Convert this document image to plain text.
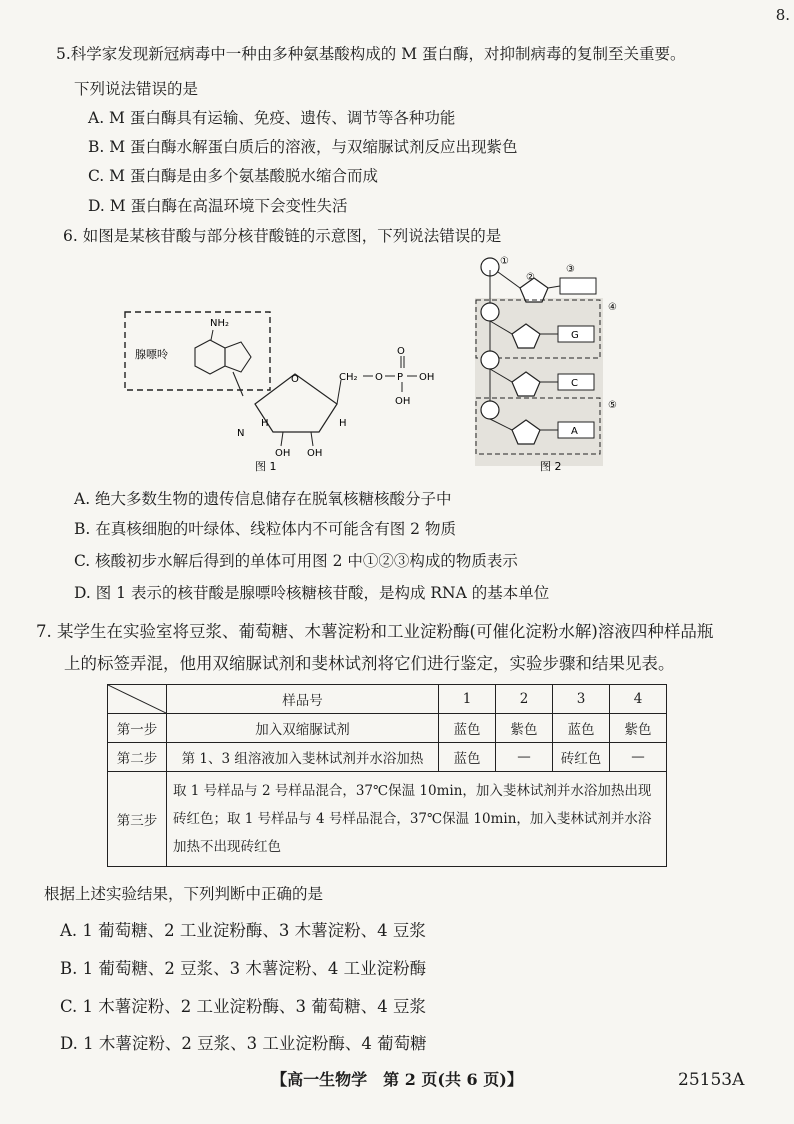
8.
5.科学家发现新冠病毒中一种由多种氨基酸构成的 M 蛋白酶，对抑制病毒的复制至关重要。
下列说法错误的是
A. M 蛋白酶具有运输、免疫、遗传、调节等各种功能
B. M 蛋白酶水解蛋白质后的溶液，与双缩脲试剂反应出现紫色
C. M 蛋白酶是由多个氨基酸脱水缩合而成
D. M 蛋白酶在高温环境下会变性失活
6. 如图是某核苷酸与部分核苷酸链的示意图，下列说法错误的是
腺嘌呤
NH₂
O
N
H	H
OH OH
CH₂ O P
O
OH
OH
图 1
①
②
③
④
G
C
⑤
A
图 2
A. 绝大多数生物的遗传信息储存在脱氧核糖核酸分子中
B. 在真核细胞的叶绿体、线粒体内不可能含有图 2 物质
C. 核酸初步水解后得到的单体可用图 2 中①②③构成的物质表示
D. 图 1 表示的核苷酸是腺嘌呤核糖核苷酸，是构成 RNA 的基本单位
7. 某学生在实验室将豆浆、葡萄糖、木薯淀粉和工业淀粉酶(可催化淀粉水解)溶液四种样品瓶
上的标签弄混，他用双缩脲试剂和斐林试剂将它们进行鉴定，实验步骤和结果见表。
	样品号	1	2	3	4
第一步	加入双缩脲试剂	蓝色	紫色	蓝色	紫色
第二步	第 1、3 组溶液加入斐林试剂并水浴加热	蓝色	—	砖红色	—
第三步	取 1 号样品与 2 号样品混合，37℃保温 10min，加入斐林试剂并水浴加热出现砖红色；取 1 号样品与 4 号样品混合，37℃保温 10min，加入斐林试剂并水浴加热不出现砖红色				
根据上述实验结果，下列判断中正确的是
A. 1 葡萄糖、2 工业淀粉酶、3 木薯淀粉、4 豆浆
B. 1 葡萄糖、2 豆浆、3 木薯淀粉、4 工业淀粉酶
C. 1 木薯淀粉、2 工业淀粉酶、3 葡萄糖、4 豆浆
D. 1 木薯淀粉、2 豆浆、3 工业淀粉酶、4 葡萄糖
【高一生物学　第 2 页(共 6 页)】	25153A
